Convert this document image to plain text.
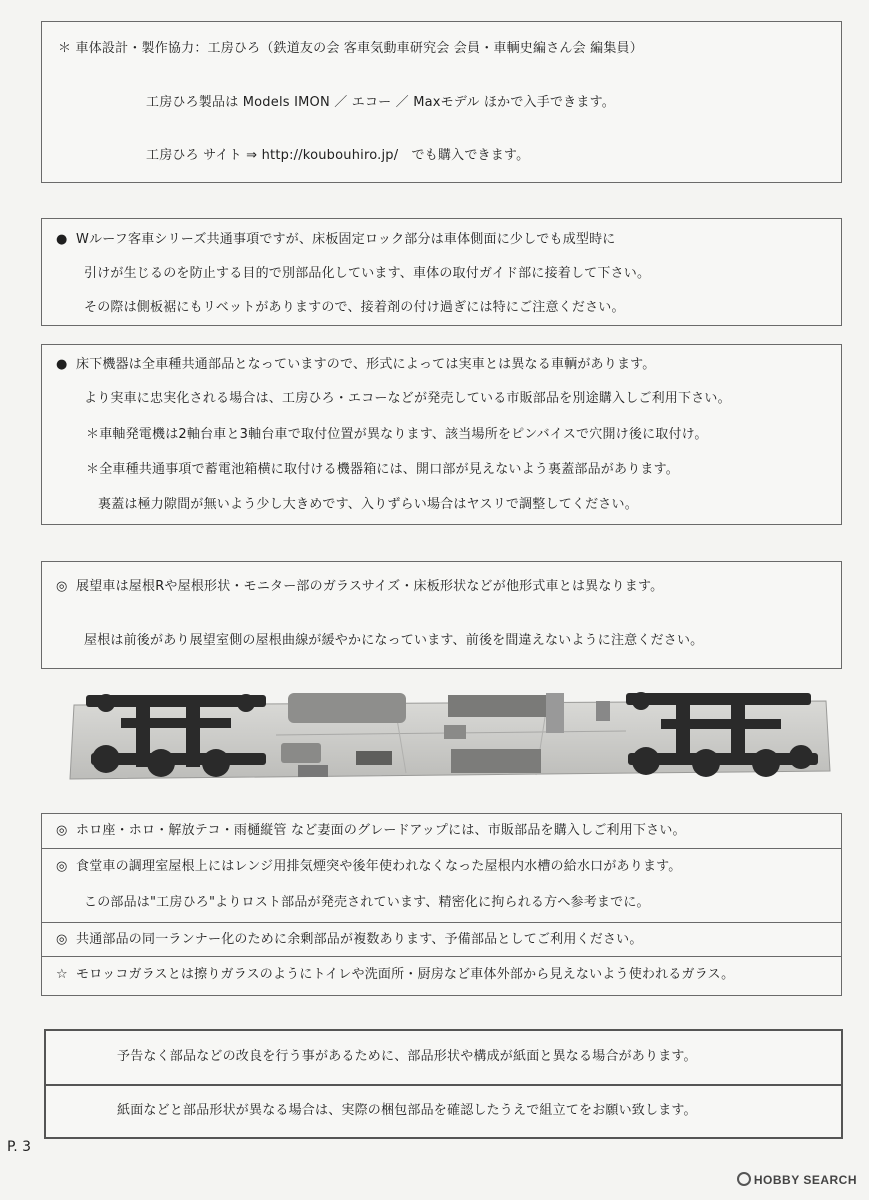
＊ 車体設計・製作協力：工房ひろ（鉄道友の会 客車気動車研究会 会員・車輌史編さん会 編集員）
工房ひろ製品は Models IMON ／ エコー ／ Maxモデル ほかで入手できます。
工房ひろ サイト ⇒ http://koubouhiro.jp/　でも購入できます。
● Wルーフ客車シリーズ共通事項ですが、床板固定ロック部分は車体側面に少しでも成型時に
引けが生じるのを防止する目的で別部品化しています、車体の取付ガイド部に接着して下さい。
その際は側板裾にもリベットがありますので、接着剤の付け過ぎには特にご注意ください。
● 床下機器は全車種共通部品となっていますので、形式によっては実車とは異なる車輌があります。
より実車に忠実化される場合は、工房ひろ・エコーなどが発売している市販部品を別途購入しご利用下さい。
＊車軸発電機は2軸台車と3軸台車で取付位置が異なります、該当場所をピンバイスで穴開け後に取付け。
＊全車種共通事項で蓄電池箱横に取付ける機器箱には、開口部が見えないよう裏蓋部品があります。
裏蓋は極力隙間が無いよう少し大きめです、入りずらい場合はヤスリで調整してください。
◎ 展望車は屋根Rや屋根形状・モニター部のガラスサイズ・床板形状などが他形式車とは異なります。
屋根は前後があり展望室側の屋根曲線が緩やかになっています、前後を間違えないように注意ください。
◎ ホロ座・ホロ・解放テコ・雨樋縦管 など妻面のグレードアップには、市販部品を購入しご利用下さい。
◎ 食堂車の調理室屋根上にはレンジ用排気煙突や後年使われなくなった屋根内水槽の給水口があります。
この部品は"工房ひろ"よりロスト部品が発売されています、精密化に拘られる方へ参考までに。
◎ 共通部品の同一ランナー化のために余剰部品が複数あります、予備部品としてご利用ください。
☆ モロッコガラスとは擦りガラスのようにトイレや洗面所・厨房など車体外部から見えないよう使われるガラス。
予告なく部品などの改良を行う事があるために、部品形状や構成が紙面と異なる場合があります。
紙面などと部品形状が異なる場合は、実際の梱包部品を確認したうえで組立てをお願い致します。
P. 3
HOBBY SEARCH
